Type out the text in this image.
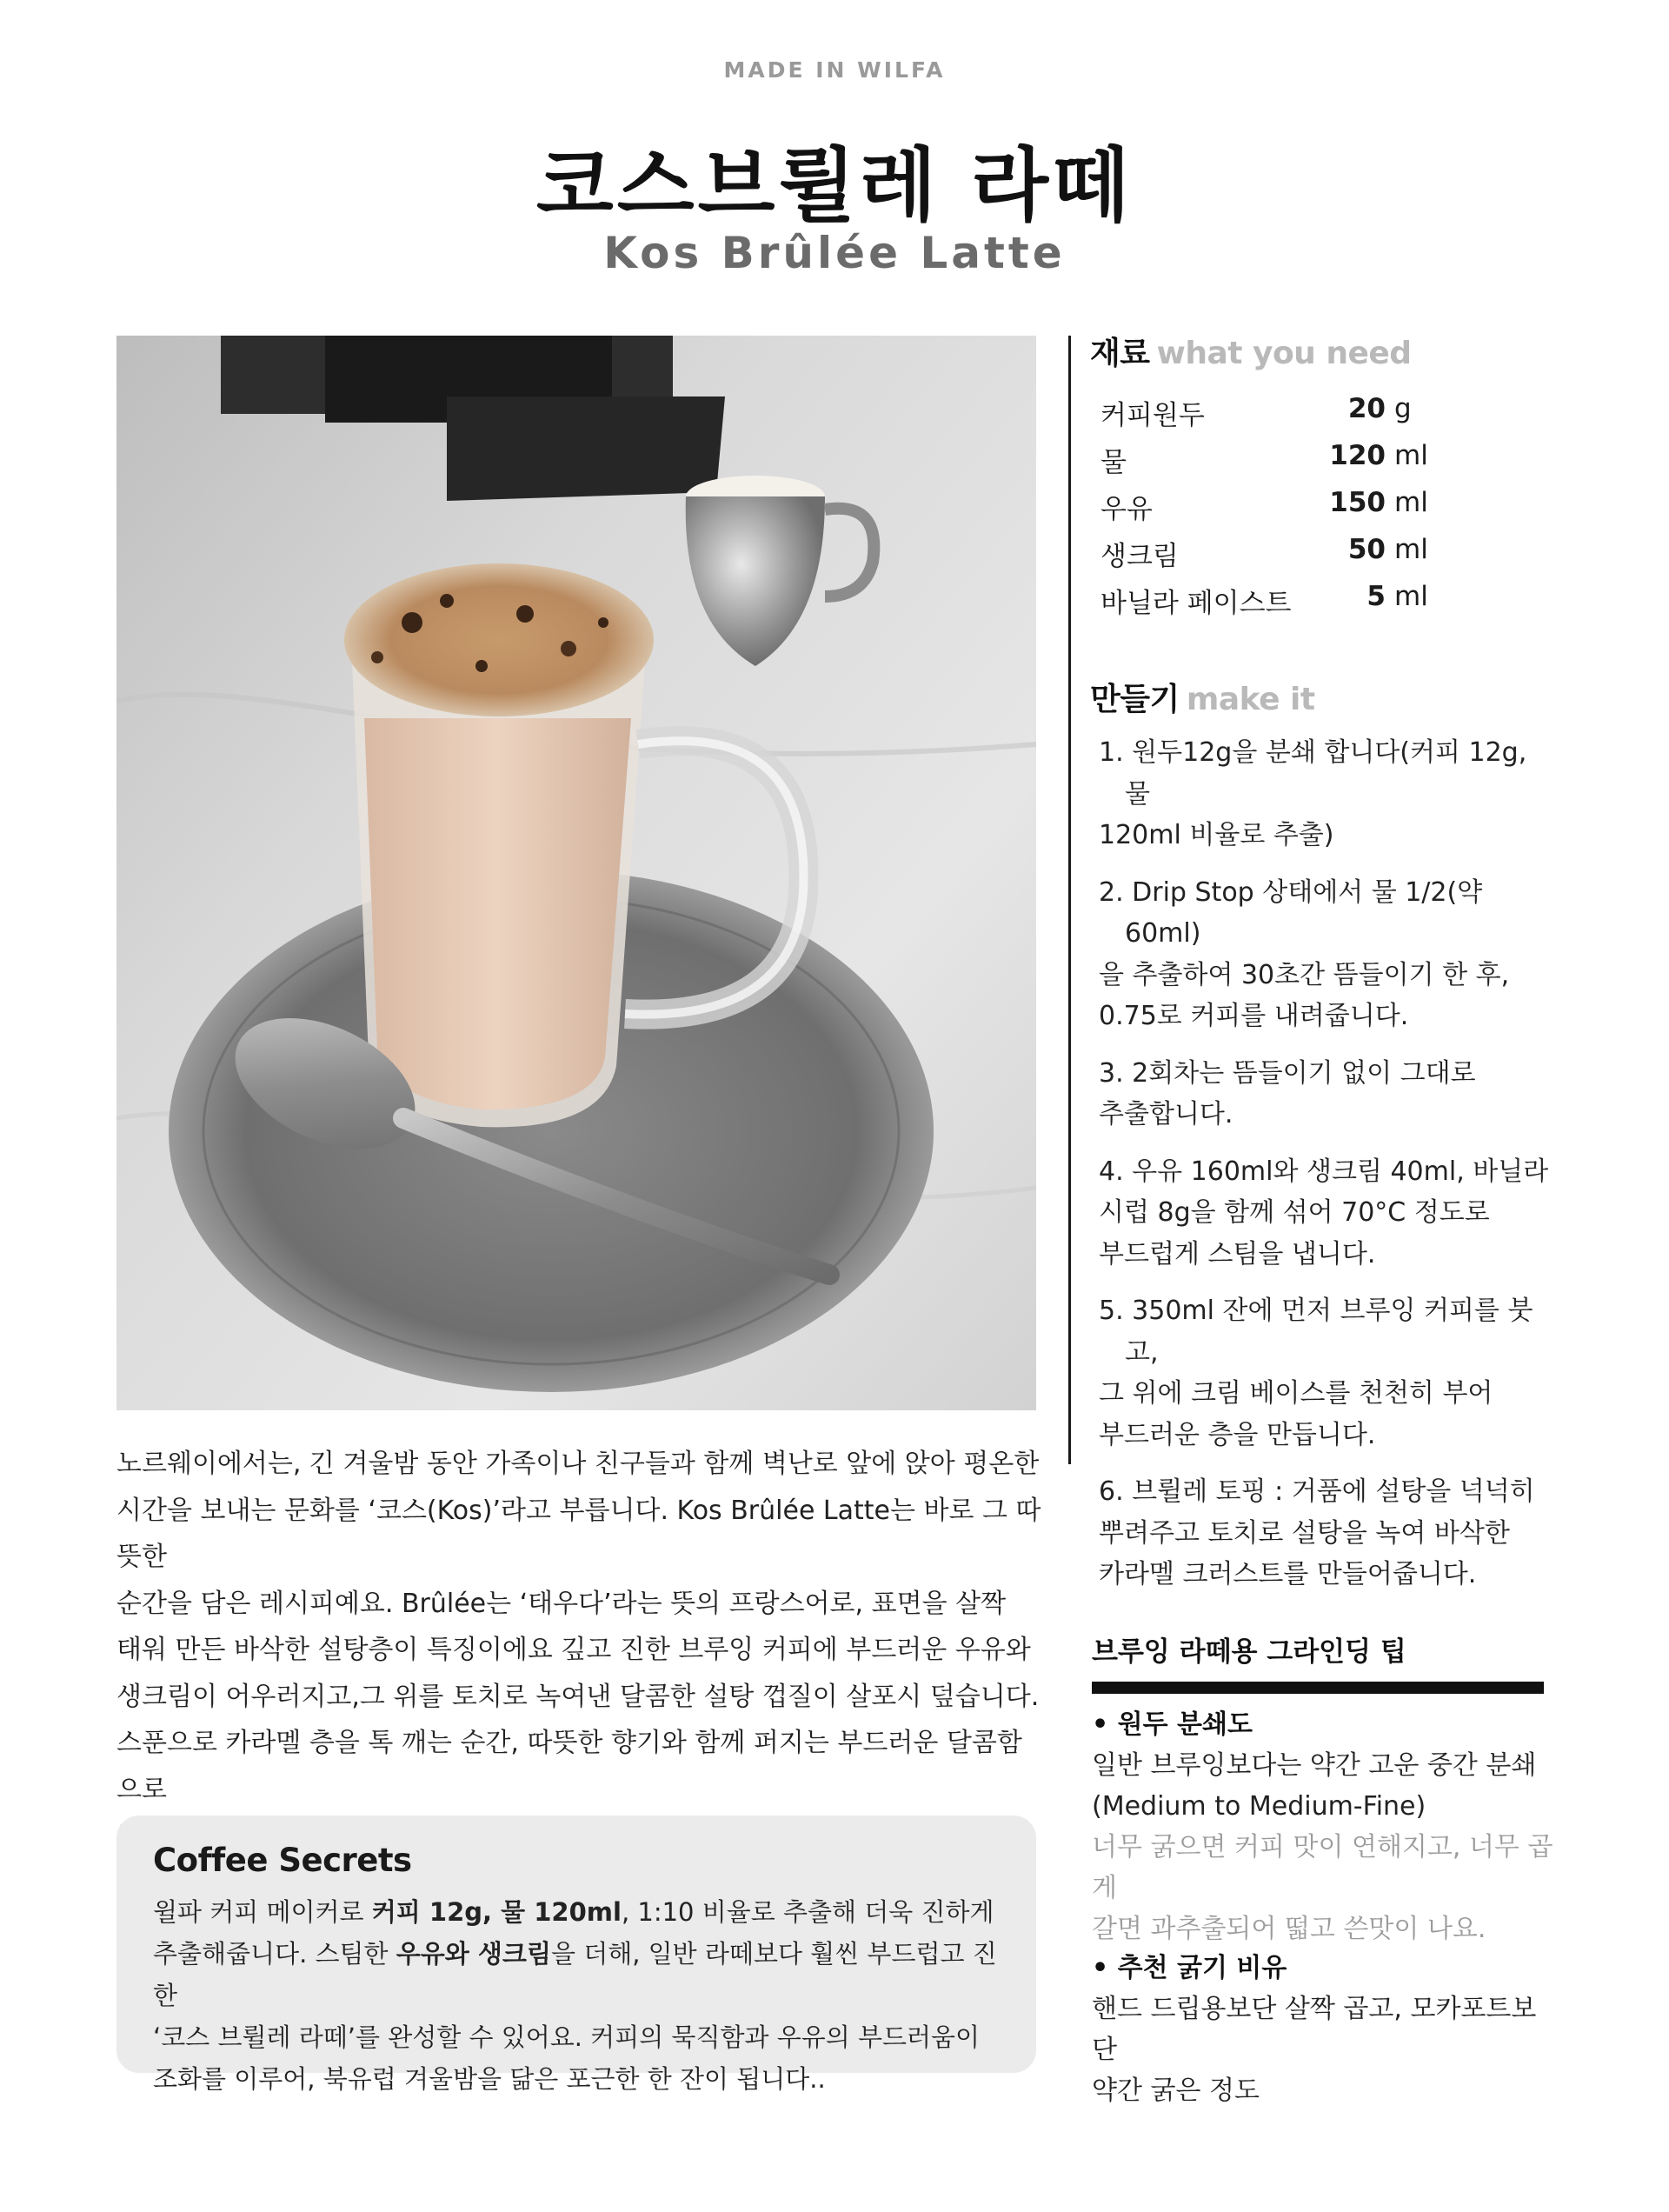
MADE IN WILFA
코스브륄레 라떼
Kos Brûlée Latte
노르웨이에서는, 긴 겨울밤 동안 가족이나 친구들과 함께 벽난로 앞에 앉아 평온한
시간을 보내는 문화를 ‘코스(Kos)’라고 부릅니다. Kos Brûlée Latte는 바로 그 따뜻한
순간을 담은 레시피예요. Brûlée는 ‘태우다’라는 뜻의 프랑스어로, 표면을 살짝
태워 만든 바삭한 설탕층이 특징이에요 깊고 진한 브루잉 커피에 부드러운 우유와
생크림이 어우러지고,그 위를 토치로 녹여낸 달콤한 설탕 껍질이 살포시 덮습니다.
스푼으로 카라멜 층을 톡 깨는 순간, 따뜻한 향기와 함께 퍼지는 부드러운 달콤함으로
Coffee Secrets

윌파 커피 메이커로 커피 12g, 물 120ml, 1:10 비율로 추출해 더욱 진하게
추출해줍니다. 스팀한 우유와 생크림을 더해, 일반 라떼보다 훨씬 부드럽고 진한
‘코스 브륄레 라떼’를 완성할 수 있어요. 커피의 묵직함과 우유의 부드러움이
조화를 이루어, 북유럽 겨울밤을 닮은 포근한 한 잔이 됩니다..

재료 what you need
커피원두	20 g
물	120 ml
우유	150 ml
생크림	50 ml
바닐라 페이스트	5 ml
만들기 make it
1. 원두12g을 분쇄 합니다(커피 12g, 물
120ml 비율로 추출)
2. Drip Stop 상태에서 물 1/2(약 60ml)
을 추출하여 30초간 뜸들이기 한 후,
0.75로 커피를 내려줍니다.
3. 2회차는 뜸들이기 없이 그대로
추출합니다.
4. 우유 160ml와 생크림 40ml, 바닐라
시럽 8g을 함께 섞어 70°C 정도로
부드럽게 스팀을 냅니다.
5. 350ml 잔에 먼저 브루잉 커피를 붓고,
그 위에 크림 베이스를 천천히 부어
부드러운 층을 만듭니다.
6. 브륄레 토핑 : 거품에 설탕을 넉넉히
뿌려주고 토치로 설탕을 녹여 바삭한
카라멜 크러스트를 만들어줍니다.
브루잉 라떼용 그라인딩 팁
• 원두 분쇄도
일반 브루잉보다는 약간 고운 중간 분쇄
(Medium to Medium-Fine)
너무 굵으면 커피 맛이 연해지고, 너무 곱게
갈면 과추출되어 떫고 쓴맛이 나요.
• 추천 굵기 비유
핸드 드립용보단 살짝 곱고, 모카포트보단
약간 굵은 정도
